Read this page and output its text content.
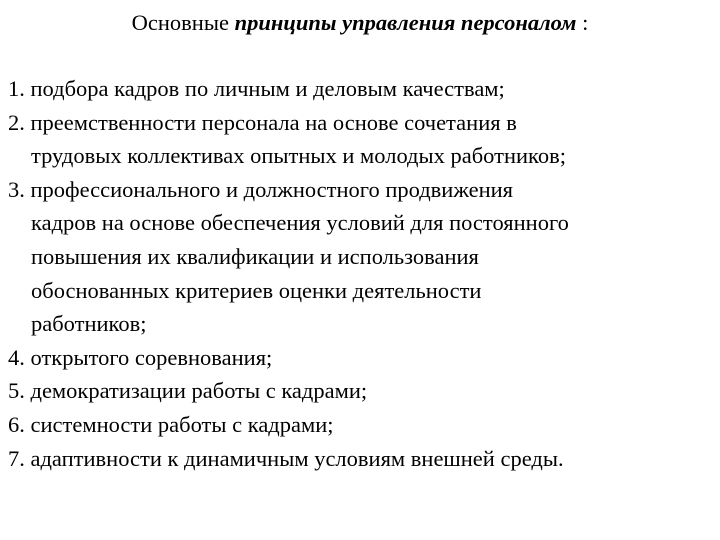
Основные принципы управления персоналом :
1. подбора кадров по личным и деловым качествам;
2. преемственности персонала на основе сочетания в
трудовых коллективах опытных и молодых работников;
3. профессионального и должностного продвижения
кадров на основе обеспечения условий для постоянного
повышения их квалификации и использования
обоснованных критериев оценки деятельности
работников;
4. открытого соревнования;
5. демократизации работы с кадрами;
6. системности работы с кадрами;
7. адаптивности к динамичным условиям внешней среды.
